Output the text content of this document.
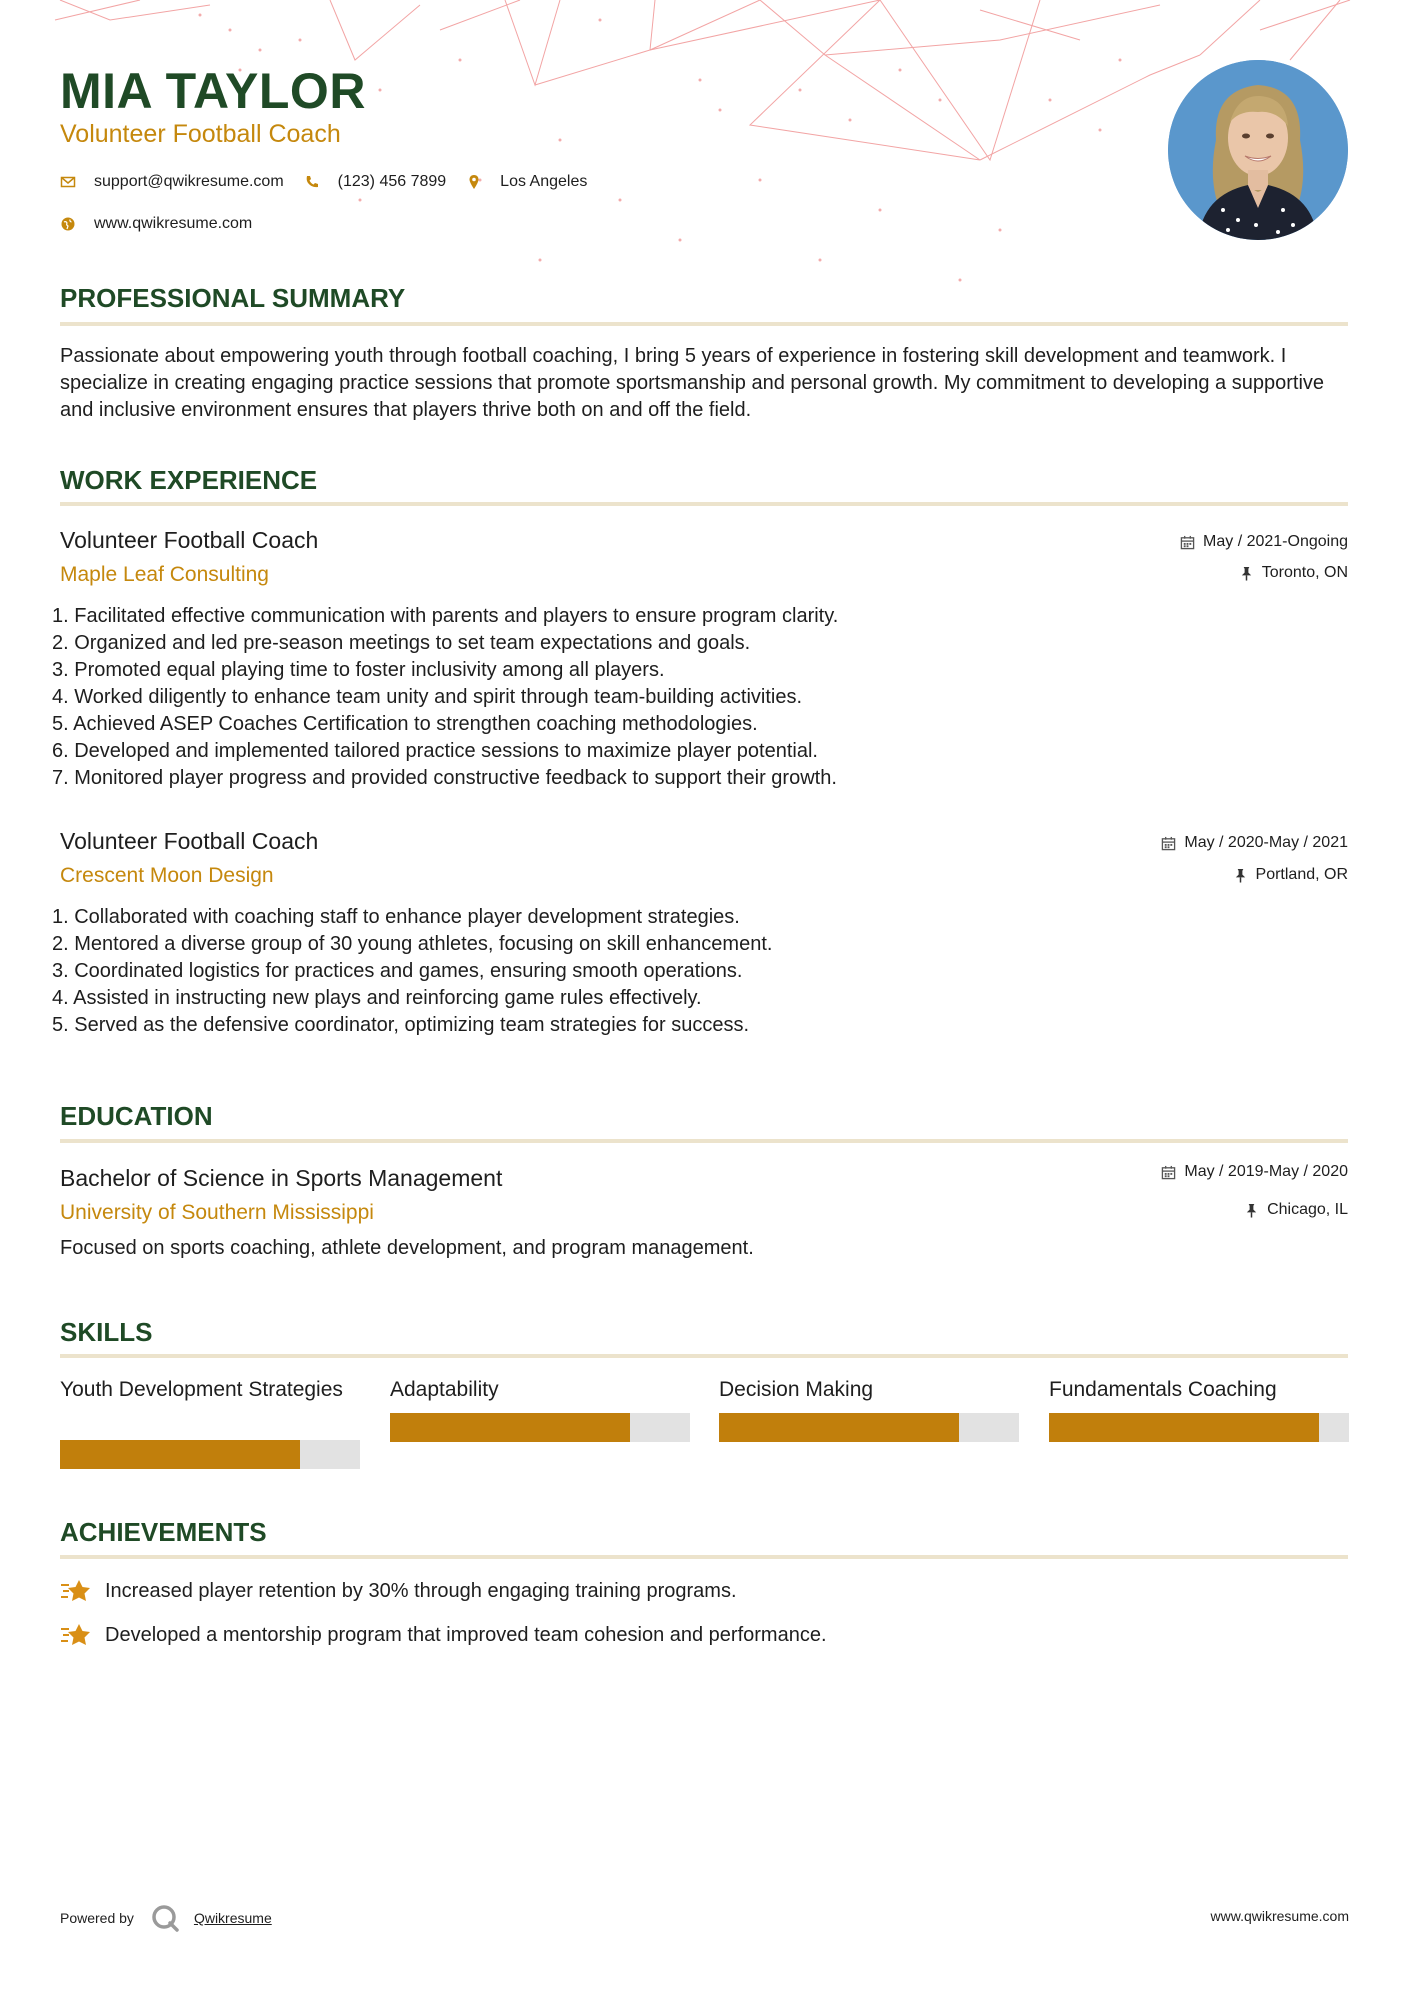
MIA TAYLOR
Volunteer Football Coach
support@qwikresume.com	(123) 456 7899	Los Angeles
www.qwikresume.com
PROFESSIONAL SUMMARY
Passionate about empowering youth through football coaching, I bring 5 years of experience in fostering skill development and teamwork. I specialize in creating engaging practice sessions that promote sportsmanship and personal growth. My commitment to developing a supportive and inclusive environment ensures that players thrive both on and off the field.
WORK EXPERIENCE
Volunteer Football Coach
Maple Leaf Consulting
May / 2021-Ongoing
Toronto, ON
1. Facilitated effective communication with parents and players to ensure program clarity.
2. Organized and led pre-season meetings to set team expectations and goals.
3. Promoted equal playing time to foster inclusivity among all players.
4. Worked diligently to enhance team unity and spirit through team-building activities.
5. Achieved ASEP Coaches Certification to strengthen coaching methodologies.
6. Developed and implemented tailored practice sessions to maximize player potential.
7. Monitored player progress and provided constructive feedback to support their growth.
Volunteer Football Coach
Crescent Moon Design
May / 2020-May / 2021
Portland, OR
1. Collaborated with coaching staff to enhance player development strategies.
2. Mentored a diverse group of 30 young athletes, focusing on skill enhancement.
3. Coordinated logistics for practices and games, ensuring smooth operations.
4. Assisted in instructing new plays and reinforcing game rules effectively.
5. Served as the defensive coordinator, optimizing team strategies for success.
EDUCATION
Bachelor of Science in Sports Management
University of Southern Mississippi
May / 2019-May / 2020
Chicago, IL
Focused on sports coaching, athlete development, and program management.
SKILLS
Youth Development Strategies	Adaptability	Decision Making	Fundamentals Coaching
ACHIEVEMENTS
Increased player retention by 30% through engaging training programs.
Developed a mentorship program that improved team cohesion and performance.
Powered by	Qwikresume	www.qwikresume.com
